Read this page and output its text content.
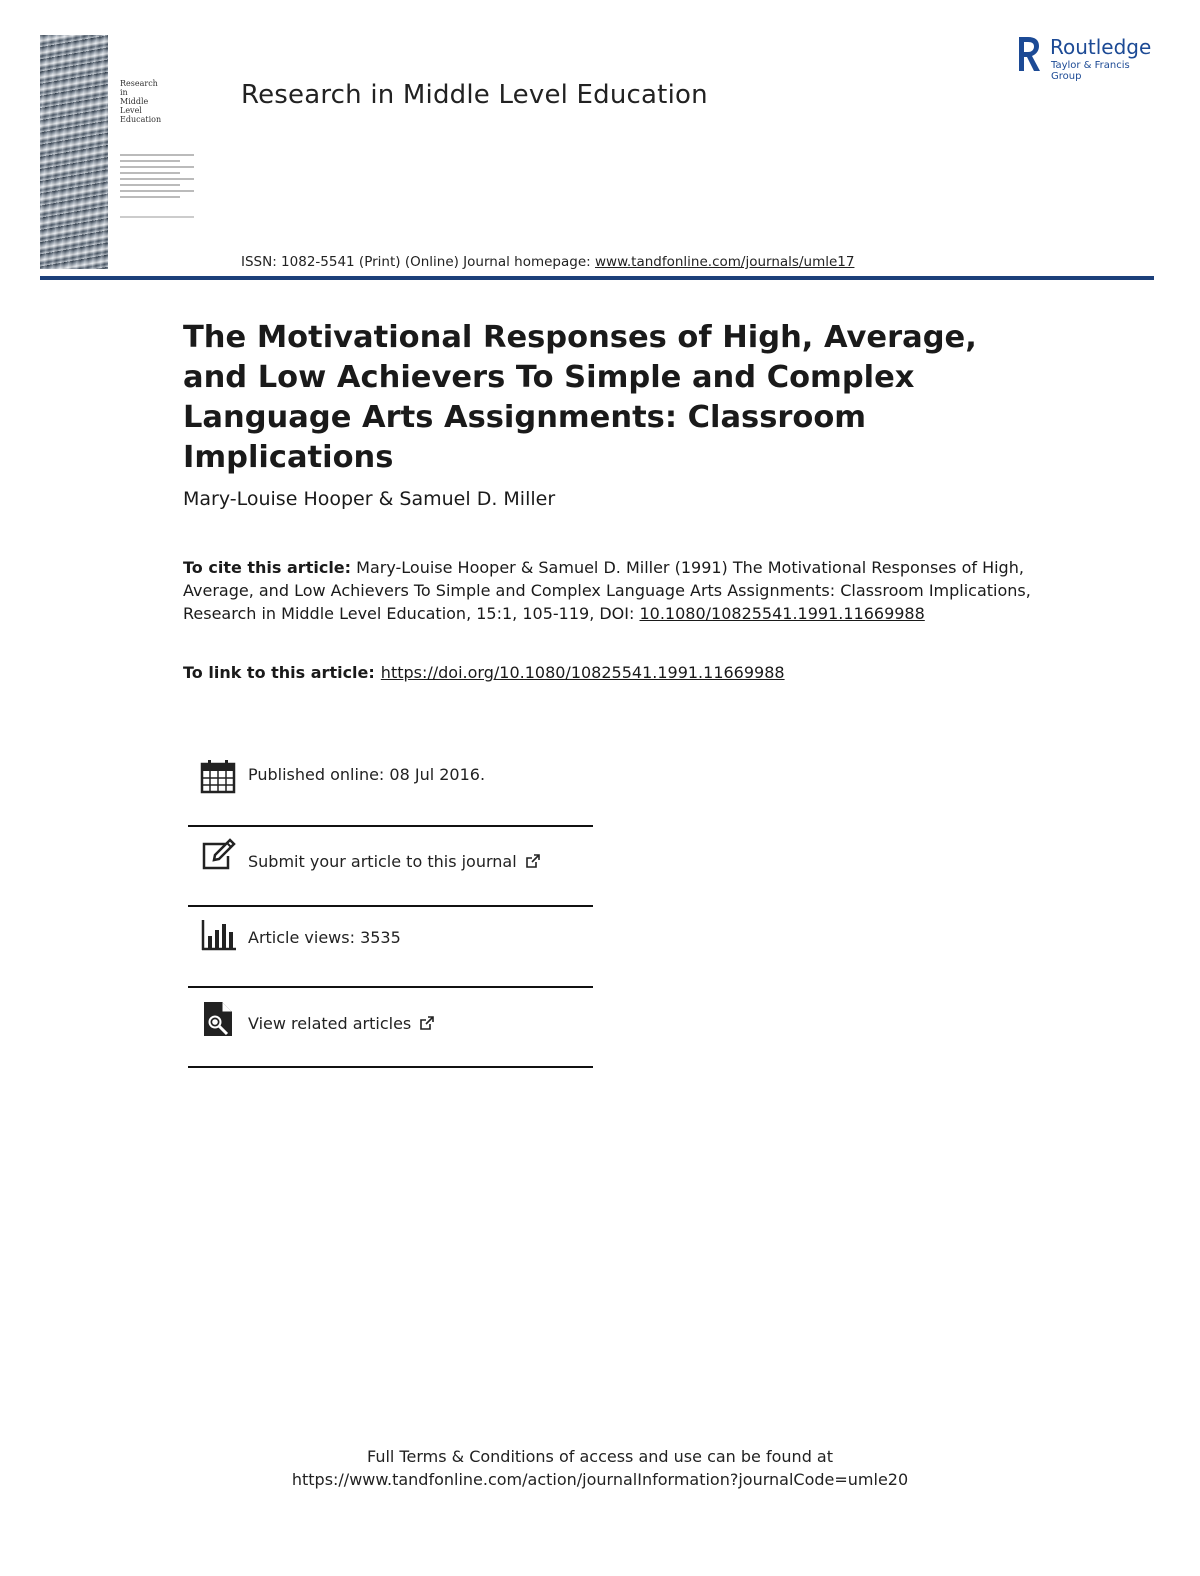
Research
in
Middle
Level
Education
Research in Middle Level Education
ISSN: 1082-5541 (Print) (Online) Journal homepage: www.tandfonline.com/journals/umle17
Routledge
Taylor & Francis Group
The Motivational Responses of High, Average, and Low Achievers To Simple and Complex Language Arts Assignments: Classroom Implications
Mary-Louise Hooper & Samuel D. Miller
To cite this article: Mary-Louise Hooper & Samuel D. Miller (1991) The Motivational Responses of High, Average, and Low Achievers To Simple and Complex Language Arts Assignments: Classroom Implications, Research in Middle Level Education, 15:1, 105-119, DOI: 10.1080/10825541.1991.11669988
To link to this article: https://doi.org/10.1080/10825541.1991.11669988
Published online: 08 Jul 2016.
Submit your article to this journal
Article views: 3535
View related articles
Full Terms & Conditions of access and use can be found at
https://www.tandfonline.com/action/journalInformation?journalCode=umle20
